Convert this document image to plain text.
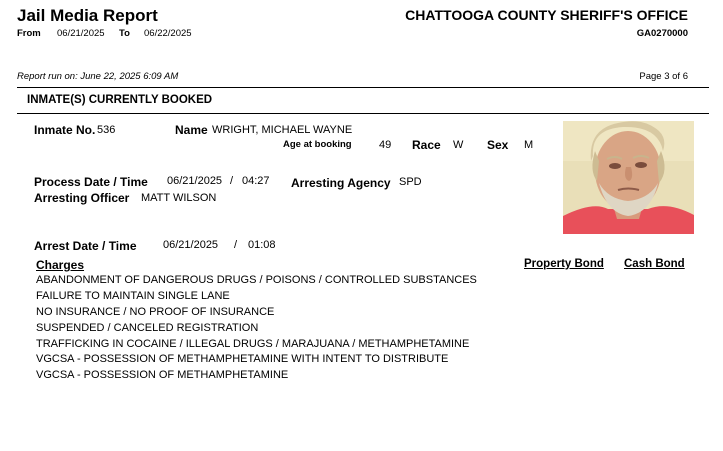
Jail Media Report
From 06/21/2025 To 06/22/2025
CHATTOOGA COUNTY SHERIFF'S OFFICE
GA0270000
Report run on: June 22, 2025 6:09 AM	Page 3 of 6
INMATE(S) CURRENTLY BOOKED
Inmate No. 536	Name WRIGHT, MICHAEL WAYNE
Age at booking 49 Race W Sex M
Process Date / Time 06/21/2025 / 04:27 Arresting Agency SPD
Arresting Officer MATT WILSON
Arrest Date / Time 06/21/2025 / 01:08
Charges	Property Bond Cash Bond
ABANDONMENT OF DANGEROUS DRUGS / POISONS / CONTROLLED SUBSTANCES
FAILURE TO MAINTAIN SINGLE LANE
NO INSURANCE / NO PROOF OF INSURANCE
SUSPENDED / CANCELED REGISTRATION
TRAFFICKING IN COCAINE / ILLEGAL DRUGS / MARAJUANA / METHAMPHETAMINE
VGCSA - POSSESSION OF METHAMPHETAMINE WITH INTENT TO DISTRIBUTE
VGCSA - POSSESSION OF METHAMPHETAMINE
